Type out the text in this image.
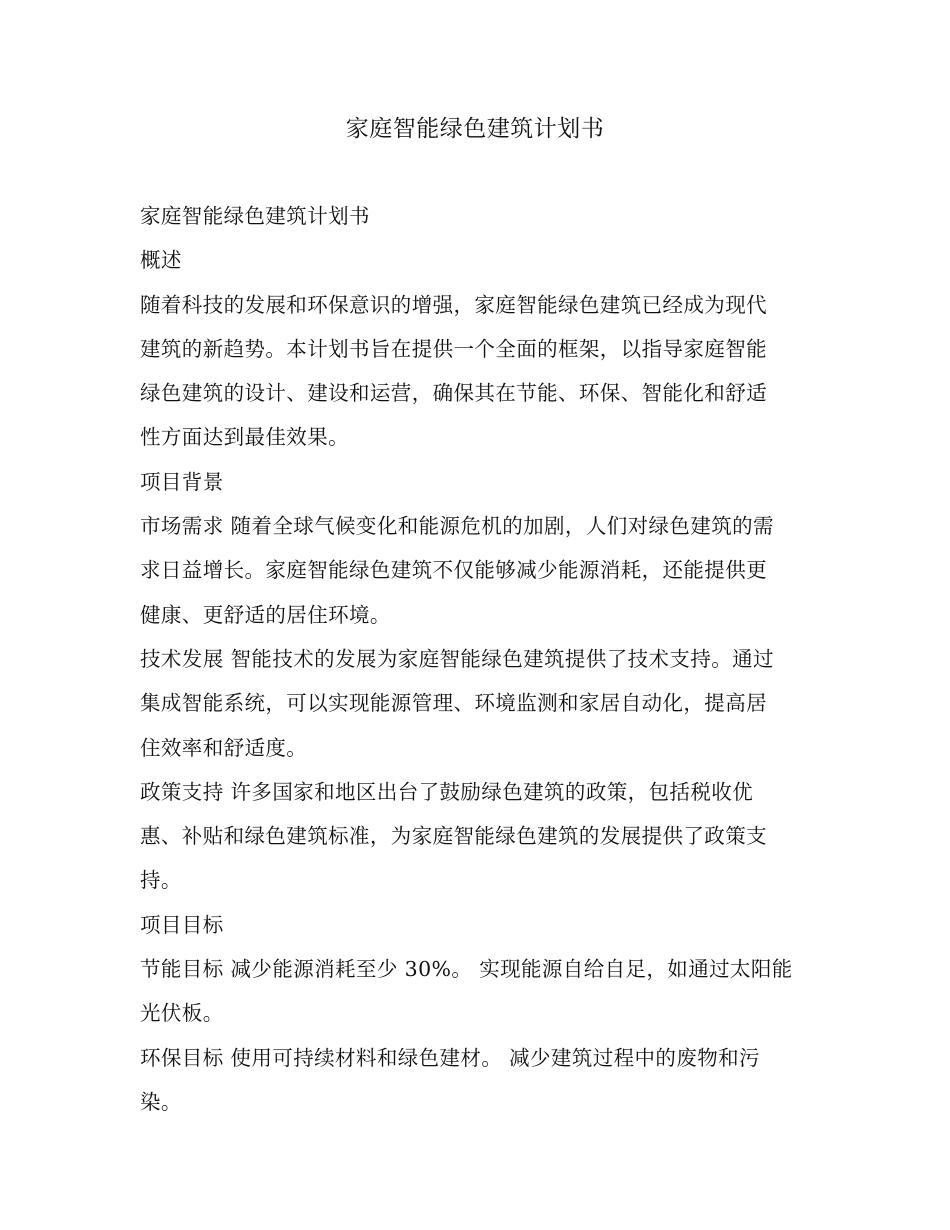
家庭智能绿色建筑计划书
家庭智能绿色建筑计划书
概述
随着科技的发展和环保意识的增强，家庭智能绿色建筑已经成为现代
建筑的新趋势。本计划书旨在提供一个全面的框架，以指导家庭智能
绿色建筑的设计、建设和运营，确保其在节能、环保、智能化和舒适
性方面达到最佳效果。
项目背景
市场需求 随着全球气候变化和能源危机的加剧，人们对绿色建筑的需
求日益增长。家庭智能绿色建筑不仅能够减少能源消耗，还能提供更
健康、更舒适的居住环境。
技术发展 智能技术的发展为家庭智能绿色建筑提供了技术支持。通过
集成智能系统，可以实现能源管理、环境监测和家居自动化，提高居
住效率和舒适度。
政策支持 许多国家和地区出台了鼓励绿色建筑的政策，包括税收优
惠、补贴和绿色建筑标准，为家庭智能绿色建筑的发展提供了政策支
持。
项目目标
节能目标 减少能源消耗至少 30%。 实现能源自给自足，如通过太阳能
光伏板。
环保目标 使用可持续材料和绿色建材。 减少建筑过程中的废物和污
染。
